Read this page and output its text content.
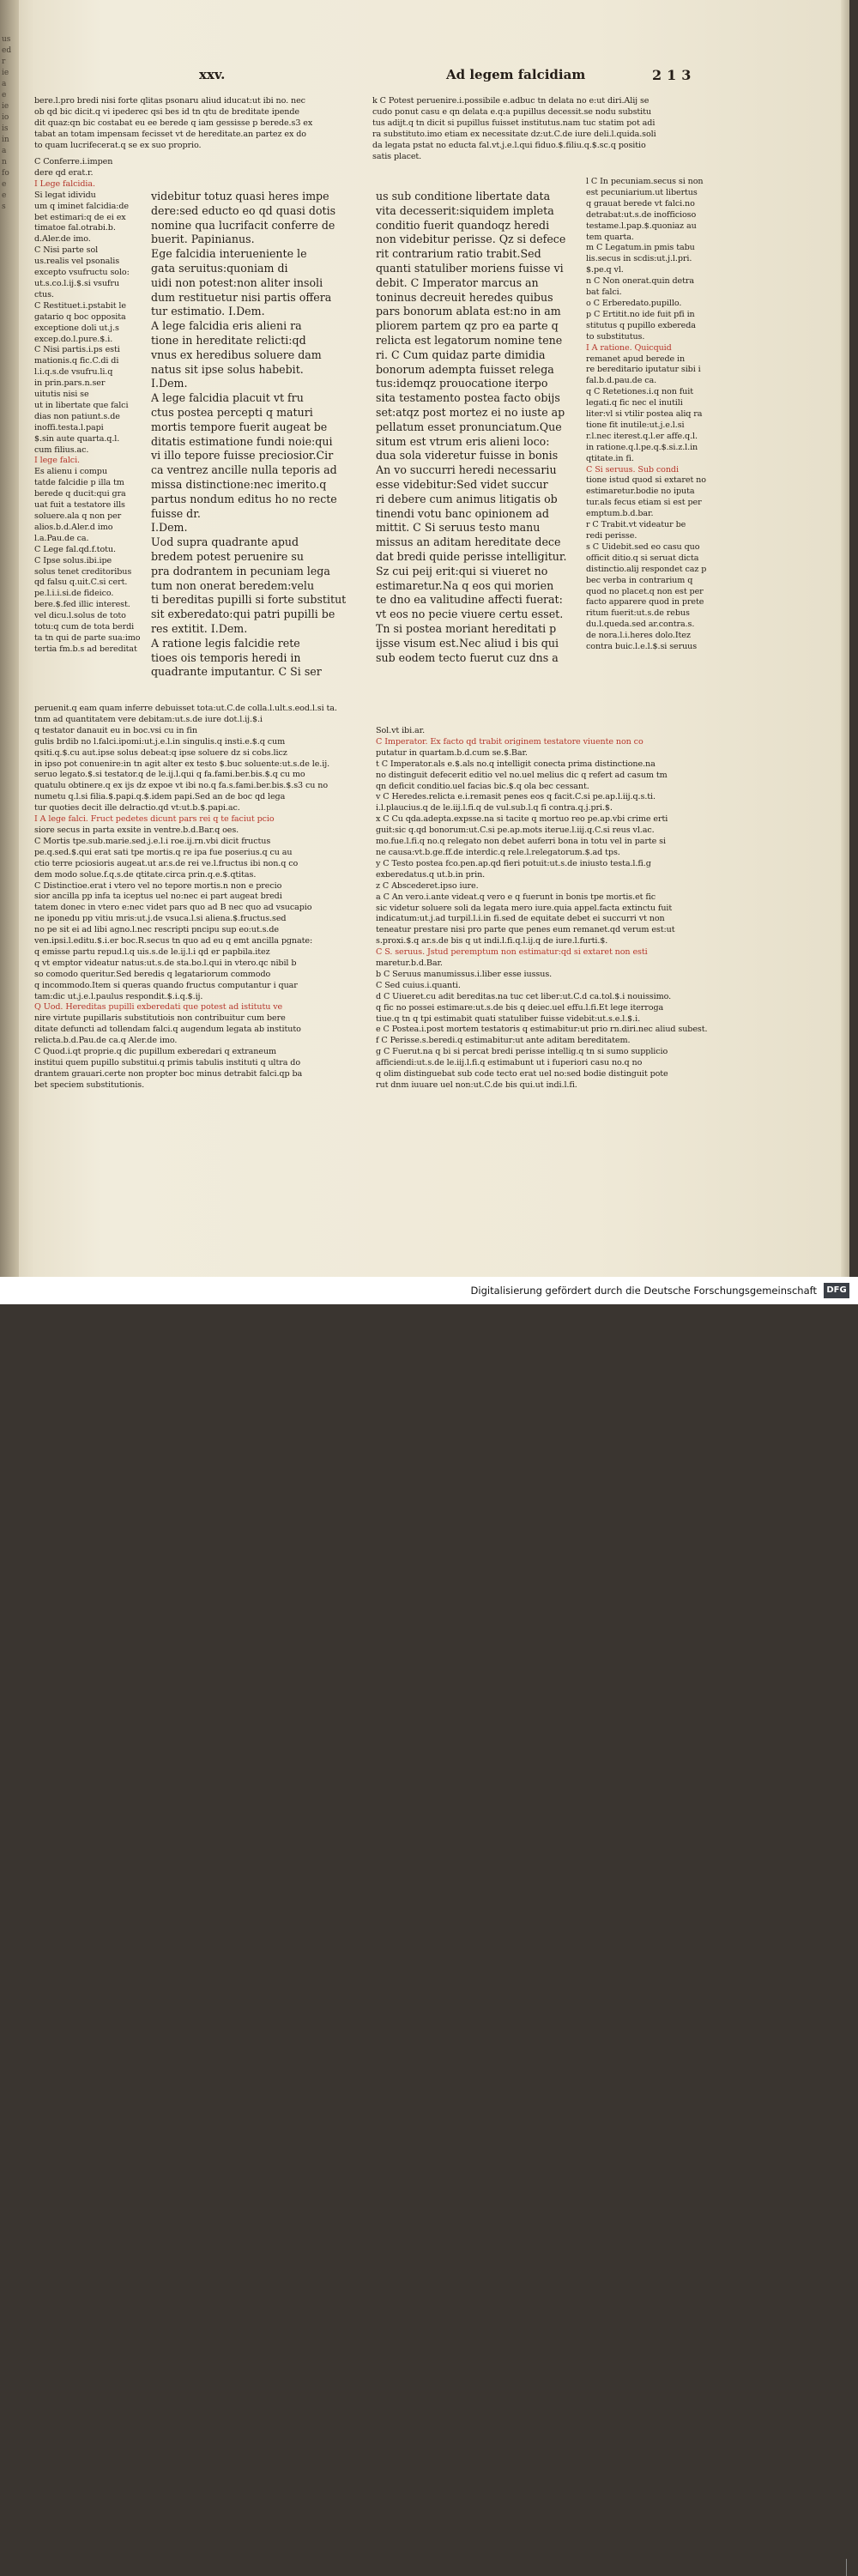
us
ed
r
ie
a
e
ie
io
is
in
a
n
fo
e
e
s
xxv.	Ad legem falcidiam	213
bere.l.pro bredi nisi forte qlitas psonaru aliud iducat:ut ibi no. nec
ob qd bic dicit.q vi ipederec qsi bes id tn qtu de breditate ipende
dit quaz:qn bic costabat eu ee berede q iam gessisse p berede.s3 ex
tabat an totam impensam fecisset vt de hereditate.an partez ex do
to quam lucrifecerat.q se ex suo proprio.
C Conferre.i.impen
dere qd erat.r.
I Lege falcidia.
Si legat idividu
um q iminet falcidia:de
bet estimari:q de ei ex
timatoe fal.otrabi.b.
d.Aler.de imo.
C Nisi parte sol
us.realis vel psonalis
excepto vsufructu solo:
ut.s.co.l.ij.$.si vsufru
ctus.
C Restituet.i.pstabit le
gatario q boc opposita
exceptione doli ut.j.s
excep.do.l.pure.$.i.
C Nisi partis.i.ps esti
mationis.q fic.C.di di
l.i.q.s.de vsufru.li.q
in prin.pars.n.ser
uitutis nisi se
ut in libertate que falci
dias non patiunt.s.de
inoffi.testa.l.papi
$.sin aute quarta.q.l.
cum filius.ac.
I lege falci.
Es alienu i compu
tatde falcidie p illa tm
berede q ducit:qui gra
uat fuit a testatore ills
soluere.ala q non per
alios.b.d.Aler.d imo
l.a.Pau.de ca.
C Lege fal.qd.f.totu.
C Ipse solus.ibi.ipe
solus tenet creditoribus
qd falsu q.uit.C.si cert.
pe.l.i.i.si.de fideico.
bere.$.fed illic interest.
vel dicu.l.solus de toto
totu:q cum de tota berdi
ta tn qui de parte sua:imo
tertia fm.b.s ad bereditat
videbitur totuz quasi heres impe
dere:sed educto eo qd quasi dotis
nomine qua lucrifacit conferre de
buerit. Papinianus.
Ege falcidia interueniente le
gata seruitus:quoniam di
uidi non potest:non aliter insoli
dum restituetur nisi partis offera
tur estimatio. I.Dem.
A lege falcidia eris alieni ra
tione in hereditate relicti:qd
vnus ex heredibus soluere dam
natus sit ipse solus habebit.
I.Dem.
A lege falcidia placuit vt fru
ctus postea percepti q maturi
mortis tempore fuerit augeat be
ditatis estimatione fundi noie:qui
vi illo tepore fuisse preciosior.Cir
ca ventrez ancille nulla teporis ad
missa distinctione:nec imerito.q
partus nondum editus ho no recte
fuisse dr.
I.Dem.
Uod supra quadrante apud
bredem potest peruenire su
pra dodrantem in pecuniam lega
tum non onerat beredem:velu
ti bereditas pupilli si forte substitut
sit exberedato:qui patri pupilli be
res extitit. I.Dem.
A ratione legis falcidie rete
tioes ois temporis heredi in
quadrante imputantur. C Si ser
us sub conditione libertate data
vita decesserit:siquidem impleta
conditio fuerit quandoqz heredi
non videbitur perisse. Qz si defece
rit contrarium ratio trabit.Sed
quanti statuliber moriens fuisse vi
debit. C Imperator marcus an
toninus decreuit heredes quibus
pars bonorum ablata est:no in am
pliorem partem qz pro ea parte q
relicta est legatorum nomine tene
ri. C Cum quidaz parte dimidia
bonorum adempta fuisset relega
tus:idemqz prouocatione iterpo
sita testamento postea facto obijs
set:atqz post mortez ei no iuste ap
pellatum esset pronunciatum.Que
situm est vtrum eris alieni loco:
dua sola videretur fuisse in bonis
An vo succurri heredi necessariu
esse videbitur:Sed videt succur
ri debere cum animus litigatis ob
tinendi votu banc opinionem ad
mittit. C Si seruus testo manu
missus an aditam hereditate dece
dat bredi quide perisse intelligitur.
Sz cui peij erit:qui si viueret no
estimaretur.Na q eos qui morien
te dno ea valitudine affecti fuerat:
vt eos no pecie viuere certu esset.
Tn si postea moriant hereditati p
ijsse visum est.Nec aliud i bis qui
sub eodem tecto fuerut cuz dns a
k C Potest peruenire.i.possibile e.adbuc tn delata no e:ut diri.Alij se
cudo ponut casu e qn delata e.q:a pupillus decessit.se nodu substitu
tus adijt.q tn dicit si pupillus fuisset institutus.nam tuc statim pot adi
ra substituto.imo etiam ex necessitate dz:ut.C.de iure deli.l.quida.soli
da legata pstat no educta fal.vt.j.e.l.qui fiduo.$.filiu.q.$.sc.q positio
satis placet.
l C In pecuniam.secus si non
est pecuniarium.ut libertus
q grauat berede vt falci.no
detrabat:ut.s.de inofficioso
testame.l.pap.$.quoniaz au
tem quarta.
m C Legatum.in pmis tabu
lis.secus in scdis:ut.j.l.pri.
$.pe.q vl.
n C Non onerat.quin detra
bat falci.
o C Erberedato.pupillo.
p C Ertitit.no ide fuit pfi in
stitutus q pupillo exbereda
to substitutus.
I A ratione. Quicquid
remanet apud berede in
re bereditario iputatur sibi i
fal.b.d.pau.de ca.
q C Retetiones.i.q non fuit
legati.q fic nec el inutili
liter:vl si vtilir postea aliq ra
tione fit inutile:ut.j.e.l.si
r.l.nec iterest.q.l.er affe.q.l.
in ratione.q.l.pe.q.$.si.z.l.in
qtitate.in fi.
C Si seruus. Sub condi
tione istud quod si extaret no
estimaretur.bodie no iputa
tur.als fecus etiam si est per
emptum.b.d.bar.
r C Trabit.vt videatur be
redi perisse.
s C Uidebit.sed eo casu quo
officit ditio.q si seruat dicta
distinctio.alij respondet caz p
bec verba in contrarium q
quod no placet.q non est per
facto apparere quod in prete
ritum fuerit:ut.s.de rebus
du.l.queda.sed ar.contra.s.
de nora.l.i.heres dolo.Itez
contra buic.l.e.l.$.si seruus
peruenit.q eam quam inferre debuisset tota:ut.C.de colla.l.ult.s.eod.l.si ta.
tnm ad quantitatem vere debitam:ut.s.de iure dot.l.ij.$.i
q testator danauit eu in boc.vsi cu in fin
gulis brdib no l.falci.ipomi:ut.j.e.l.in singulis.q insti.e.$.q cum
qsiti.q.$.cu aut.ipse solus debeat:q ipse soluere dz si cobs.licz
in ipso pot conuenire:in tn agit alter ex testo $.buc soluente:ut.s.de le.ij.
seruo legato.$.si testator.q de le.ij.l.qui q fa.fami.ber.bis.$.q cu mo
quatulu obtinere.q ex ijs dz expoe vt ibi no.q fa.s.fami.ber.bis.$.s3 cu no
numetu q.l.si filia.$.papi.q.$.idem papi.Sed an de boc qd lega
tur quoties decit ille delractio.qd vt:ut.b.$.papi.ac.
I A lege falci. Fruct pedetes dicunt pars rei q te faciut pcio
siore secus in parta exsite in ventre.b.d.Bar.q oes.
C Mortis tpe.sub.marie.sed.j.e.l.i roe.ij.rn.vbi dicit fructus
pe.q.sed.$.qui erat sati tpe mortis.q re ipa fue poserius.q cu au
ctio terre pciosioris augeat.ut ar.s.de rei ve.l.fructus ibi non.q co
dem modo solue.f.q.s.de qtitate.circa prin.q.e.$.qtitas.
C Distinctioe.erat i vtero vel no tepore mortis.n non e precio
sior ancilla pp infa ta iceptus uel no:nec ei part augeat bredi
tatem donec in vtero e:nec videt pars quo ad B nec quo ad vsucapio
ne iponedu pp vitiu mris:ut.j.de vsuca.l.si aliena.$.fructus.sed
no pe sit ei ad libi agno.l.nec rescripti pncipu sup eo:ut.s.de
ven.ipsi.l.editu.$.i.er boc.R.secus tn quo ad eu q emt ancilla pgnate:
q emisse partu repud.l.q uis.s.de le.ij.l.i qd er papbila.itez
q vt emptor videatur natus:ut.s.de sta.bo.l.qui in vtero.qc nibil b
so comodo queritur.Sed beredis q legatariorum commodo
q incommodo.Item si queras quando fructus computantur i quar
tam:dic ut.j.e.l.paulus respondit.$.i.q.$.ij.
Q Uod. Hereditas pupilli exberedati que potest ad istitutu ve
nire virtute pupillaris substitutiois non contribuitur cum bere
ditate defuncti ad tollendam falci.q augendum legata ab instituto
relicta.b.d.Pau.de ca.q Aler.de imo.
C Quod.i.qt proprie.q dic pupillum exberedari q extraneum
institui quem pupillo substitui.q primis tabulis instituti q ultra do
drantem grauari.certe non propter boc minus detrabit falci.qp ba
bet speciem substitutionis.
Sol.vt ibi.ar.
C Imperator. Ex facto qd trabit originem testatore viuente non co
putatur in quartam.b.d.cum se.$.Bar.
t C Imperator.als e.$.als no.q intelligit conecta prima distinctione.na
no distinguit defecerit editio vel no.uel melius dic q refert ad casum tm
qn deficit conditio.uel facias bic.$.q ola bec cessant.
v C Heredes.relicta e.i.remasit penes eos q facit.C.si pe.ap.l.iij.q.s.ti.
i.l.plaucius.q de le.iij.l.fi.q de vul.sub.l.q fi contra.q.j.pri.$.
x C Cu qda.adepta.expsse.na si tacite q mortuo reo pe.ap.vbi crime erti
guit:sic q.qd bonorum:ut.C.si pe.ap.mots iterue.l.iij.q.C.si reus vl.ac.
mo.fue.l.fi.q no.q relegato non debet auferri bona in totu vel in parte si
ne causa:vt.b.ge.ff.de interdic.q rele.l.relegatorum.$.ad tps.
y C Testo postea fco.pen.ap.qd fieri potuit:ut.s.de iniusto testa.l.fi.g
exberedatus.q ut.b.in prin.
z C Abscederet.ipso iure.
a C An vero.i.ante videat.q vero e q fuerunt in bonis tpe mortis.et fic
sic videtur soluere soli da legata mero iure.quia appel.facta extinctu fuit
indicatum:ut.j.ad turpil.l.i.in fi.sed de equitate debet ei succurri vt non
teneatur prestare nisi pro parte que penes eum remanet.qd verum est:ut
s.proxi.$.q ar.s.de bis q ut indi.l.fi.q.l.ij.q de iure.l.furti.$.
C S. seruus. Jstud peremptum non estimatur:qd si extaret non esti
maretur.b.d.Bar.
b C Seruus manumissus.i.liber esse iussus.
C Sed cuius.i.quanti.
d C Uiueret.cu adit bereditas.na tuc cet liber:ut.C.d ca.tol.$.i nouissimo.
q fic no possei estimare:ut.s.de bis q deiec.uel effu.l.fi.Et lege iterroga
tiue.q tn q tpi estimabit quati statuliber fuisse videbit:ut.s.e.l.$.i.
e C Postea.i.post mortem testatoris q estimabitur:ut prio rn.diri.nec aliud subest.
f C Perisse.s.beredi.q estimabitur:ut ante aditam bereditatem.
g C Fuerut.na q bi si percat bredi perisse intellig.q tn si sumo supplicio
afficiendi:ut.s.de le.iij.l.fi.q estimabunt ut i fuperiori casu no.q no
q olim distinguebat sub code tecto erat uel no:sed bodie distinguit pote
rut dnm iuuare uel non:ut.C.de bis qui.ut indi.l.fi.
Digitalisierung gefördert durch die Deutsche Forschungsgemeinschaft	DFG
